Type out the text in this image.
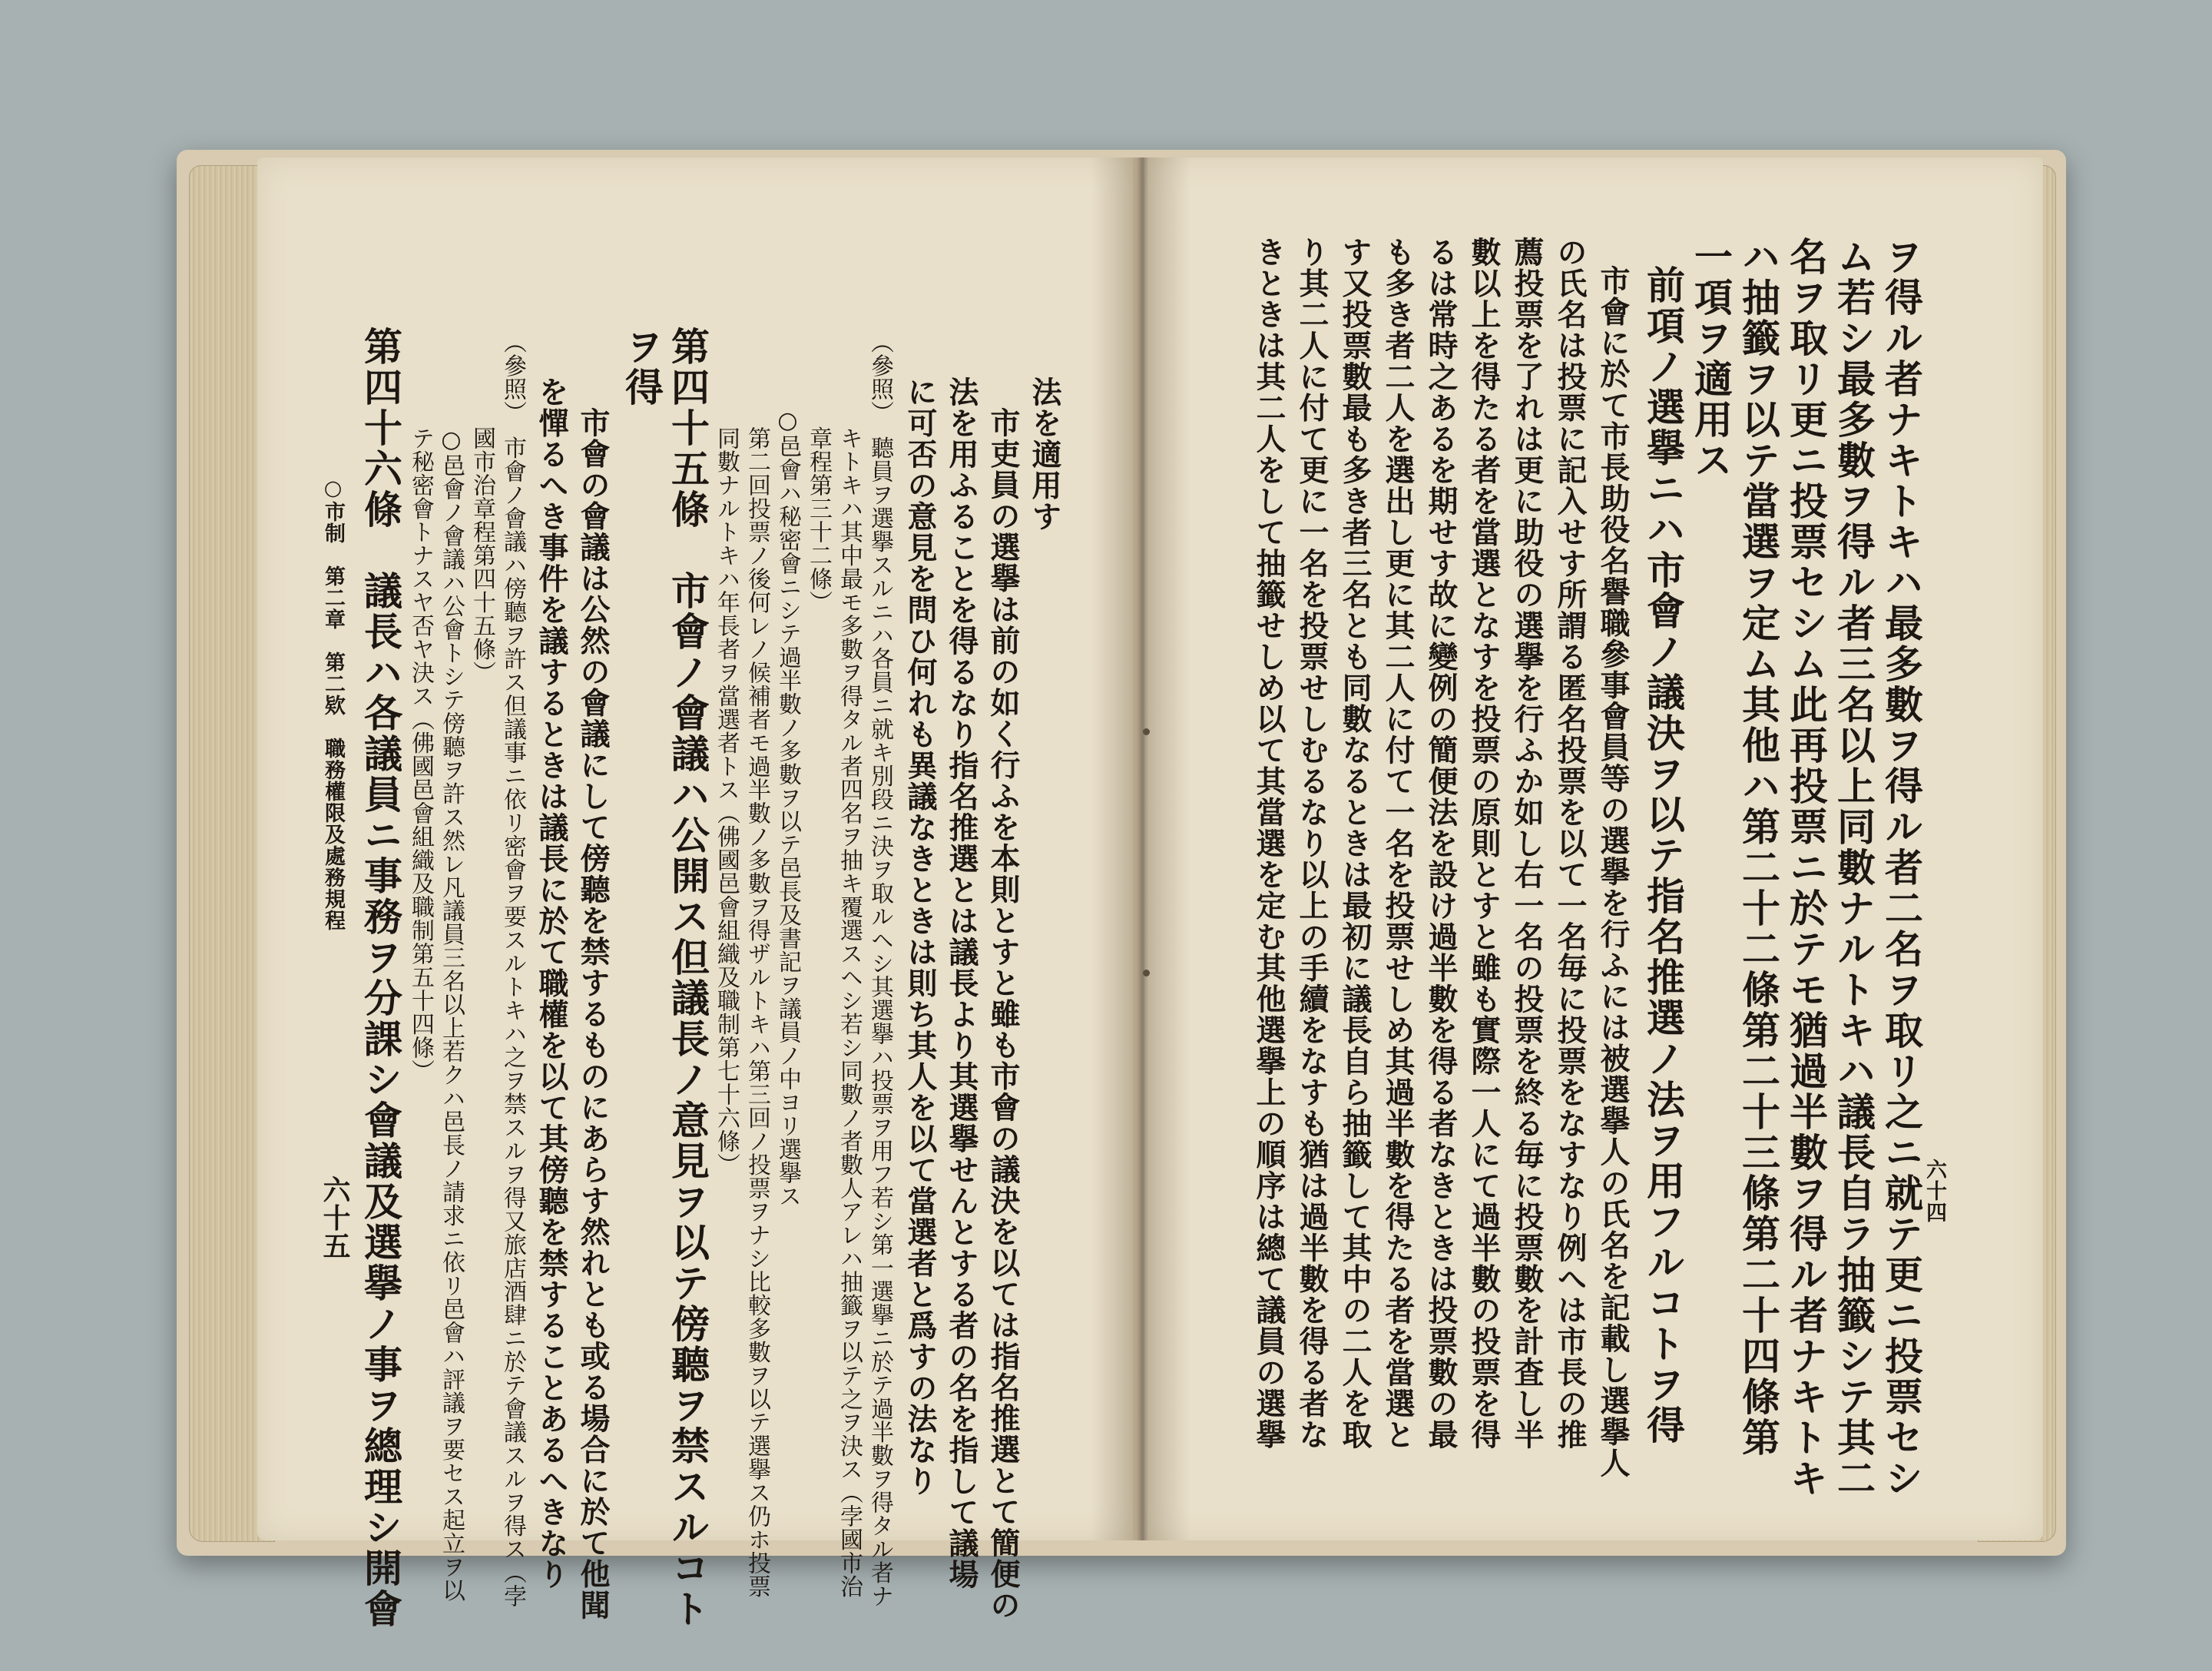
六十四
ヲ得ル者ナキトキハ最多數ヲ得ル者二名ヲ取リ之ニ就テ更ニ投票セシ
ム若シ最多數ヲ得ル者三名以上同數ナルトキハ議長自ラ抽籤シテ其二
名ヲ取リ更ニ投票セシム此再投票ニ於テモ猶過半數ヲ得ル者ナキトキ
ハ抽籤ヲ以テ當選ヲ定ム其他ハ第二十二條第二十三條第二十四條第
一項ヲ適用ス
前項ノ選擧ニハ市會ノ議決ヲ以テ指名推選ノ法ヲ用フルコトヲ得
市會に於て市長助役名譽職參事會員等の選擧を行ふには被選擧人の氏名を記載し選擧人
の氏名は投票に記入せす所謂る匿名投票を以て一名毎に投票をなすなり例へは市長の推
薦投票を了れは更に助役の選擧を行ふか如し右一名の投票を終る毎に投票數を計査し半
數以上を得たる者を當選となすを投票の原則とすと雖も實際一人にて過半數の投票を得
るは常時之あるを期せす故に變例の簡便法を設け過半數を得る者なきときは投票數の最
も多き者二人を選出し更に其二人に付て一名を投票せしめ其過半數を得たる者を當選と
す又投票數最も多き者三名とも同數なるときは最初に議長自ら抽籤して其中の二人を取
り其二人に付て更に一名を投票せしむるなり以上の手續をなすも猶は過半數を得る者な
きときは其二人をして抽籤せしめ以て其當選を定む其他選擧上の順序は總て議員の選擧
法を適用す
市吏員の選擧は前の如く行ふを本則とすと雖も市會の議決を以ては指名推選とて簡便の
法を用ふることを得るなり指名推選とは議長より其選擧せんとする者の名を指して議場
に可否の意見を問ひ何れも異議なきときは則ち其人を以て當選者と爲すの法なり
（參照）　聽員ヲ選擧スルニハ各員ニ就キ別段ニ決ヲ取ルヘシ其選擧ハ投票ヲ用フ若シ第一選擧ニ於テ過半數ヲ得タル者ナ
キトキハ其中最モ多數ヲ得タル者四名ヲ抽キ覆選スヘシ若シ同數ノ者數人アレハ抽籤ヲ以テ之ヲ決ス（孛國市治
章程第三十二條）
○邑會ハ秘密會ニシテ過半數ノ多數ヲ以テ邑長及書記ヲ議員ノ中ヨリ選擧ス
第二回投票ノ後何レノ候補者モ過半數ノ多數ヲ得ザルトキハ第三回ノ投票ヲナシ比較多數ヲ以テ選擧ス仍ホ投票
同數ナルトキハ年長者ヲ當選者トス（佛國邑會組織及職制第七十六條）
第四十五條　市會ノ會議ハ公開ス但議長ノ意見ヲ以テ傍聽ヲ禁スルコト
ヲ得
市會の會議は公然の會議にして傍聽を禁するものにあらす然れとも或る場合に於て他聞
を憚るへき事件を議するときは議長に於て職權を以て其傍聽を禁することあるへきなり
（參照）　市會ノ會議ハ傍聽ヲ許ス但議事ニ依リ密會ヲ要スルトキハ之ヲ禁スルヲ得又旅店酒肆ニ於テ會議スルヲ得ス（孛
國市治章程第四十五條）
○邑會ノ會議ハ公會トシテ傍聽ヲ許ス然レ凡議員三名以上若クハ邑長ノ請求ニ依リ邑會ハ評議ヲ要セス起立ヲ以
テ秘密會トナスヤ否ヤ決ス（佛國邑會組織及職制第五十四條）
第四十六條　議長ハ各議員ニ事務ヲ分課シ會議及選擧ノ事ヲ總理シ開會
○市制　第二章　第二欵　職務權限及處務規程
六十五
